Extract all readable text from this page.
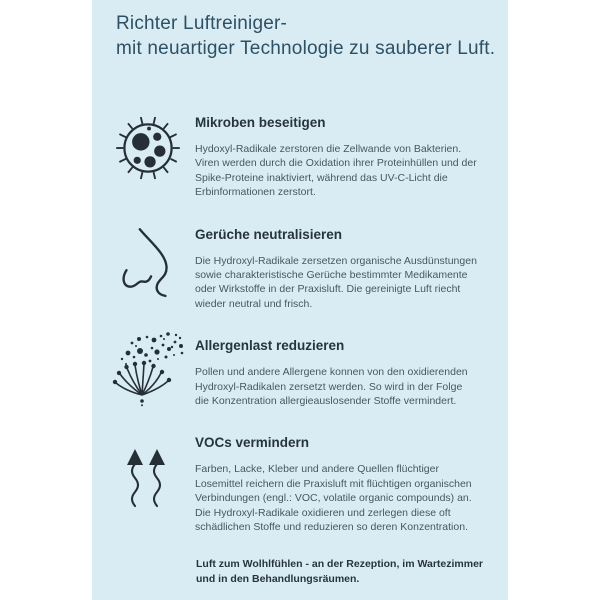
Richter Luftreiniger-
mit neuartiger Technologie zu sauberer Luft.
Mikroben beseitigen

Hydoxyl-Radikale zerstoren die Zellwande von Bakterien. Viren werden durch die Oxidation ihrer Proteinhüllen und der Spike-Proteine inaktiviert, während das UV-C-Licht die Erbinformationen zerstort.

Gerüche neutralisieren

Die Hydroxyl-Radikale zersetzen organische Ausdünstungen sowie charakteristische Gerüche bestimmter Medikamente oder Wirkstoffe in der Praxisluft. Die gereinigte Luft riecht wieder neutral und frisch.

Allergenlast reduzieren

Pollen und andere Allergene konnen von den oxidierenden Hydroxyl-Radikalen zersetzt werden. So wird in der Folge die Konzentration allergieauslosender Stoffe vermindert.

VOCs vermindern

Farben, Lacke, Kleber und andere Quellen flüchtiger Losemittel reichern die Praxisluft mit flüchtigen organischen Verbindungen (engl.: VOC, volatile organic compounds) an. Die Hydroxyl-Radikale oxidieren und zerlegen diese oft schädlichen Stoffe und reduzieren so deren Konzentration.

Luft zum Wolhlfühlen - an der Rezeption, im Wartezimmer und in den Behandlungsräumen.
